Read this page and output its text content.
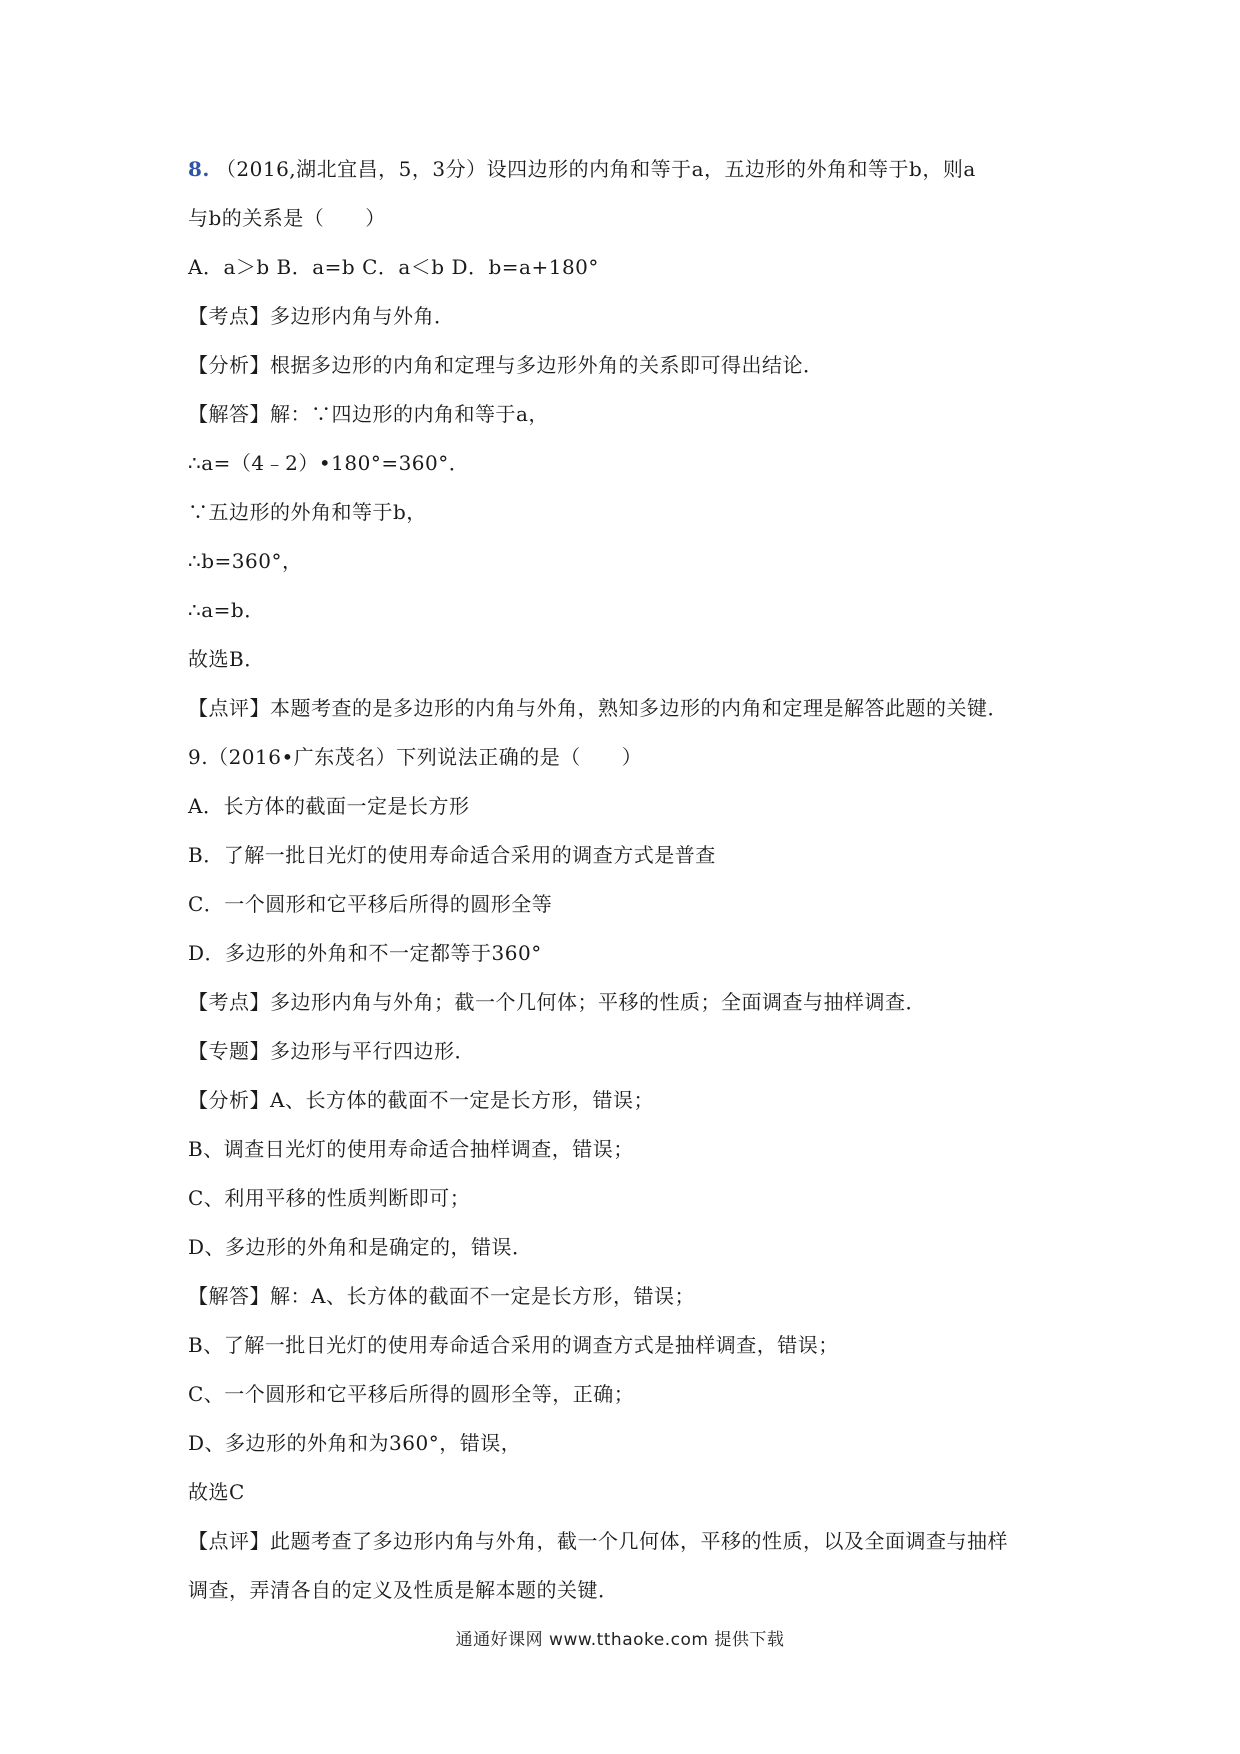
8. （2016,湖北宜昌，5，3分）设四边形的内角和等于a，五边形的外角和等于b，则a
与b的关系是（　　）
A．a＞b B．a=b C．a＜b D．b=a+180°
【考点】多边形内角与外角．
【分析】根据多边形的内角和定理与多边形外角的关系即可得出结论．
【解答】解：∵四边形的内角和等于a，
∴a=（4﹣2）•180°=360°．
∵五边形的外角和等于b，
∴b=360°，
∴a=b．
故选B．
【点评】本题考查的是多边形的内角与外角，熟知多边形的内角和定理是解答此题的关键．
9.（2016•广东茂名）下列说法正确的是（　　）
A．长方体的截面一定是长方形
B．了解一批日光灯的使用寿命适合采用的调查方式是普查
C．一个圆形和它平移后所得的圆形全等
D．多边形的外角和不一定都等于360°
【考点】多边形内角与外角；截一个几何体；平移的性质；全面调查与抽样调查．
【专题】多边形与平行四边形．
【分析】A、长方体的截面不一定是长方形，错误；
B、调查日光灯的使用寿命适合抽样调查，错误；
C、利用平移的性质判断即可；
D、多边形的外角和是确定的，错误．
【解答】解：A、长方体的截面不一定是长方形，错误；
B、了解一批日光灯的使用寿命适合采用的调查方式是抽样调查，错误；
C、一个圆形和它平移后所得的圆形全等，正确；
D、多边形的外角和为360°，错误，
故选C
【点评】此题考查了多边形内角与外角，截一个几何体，平移的性质，以及全面调查与抽样
调查，弄清各自的定义及性质是解本题的关键．
通通好课网 www.tthaoke.com 提供下载
